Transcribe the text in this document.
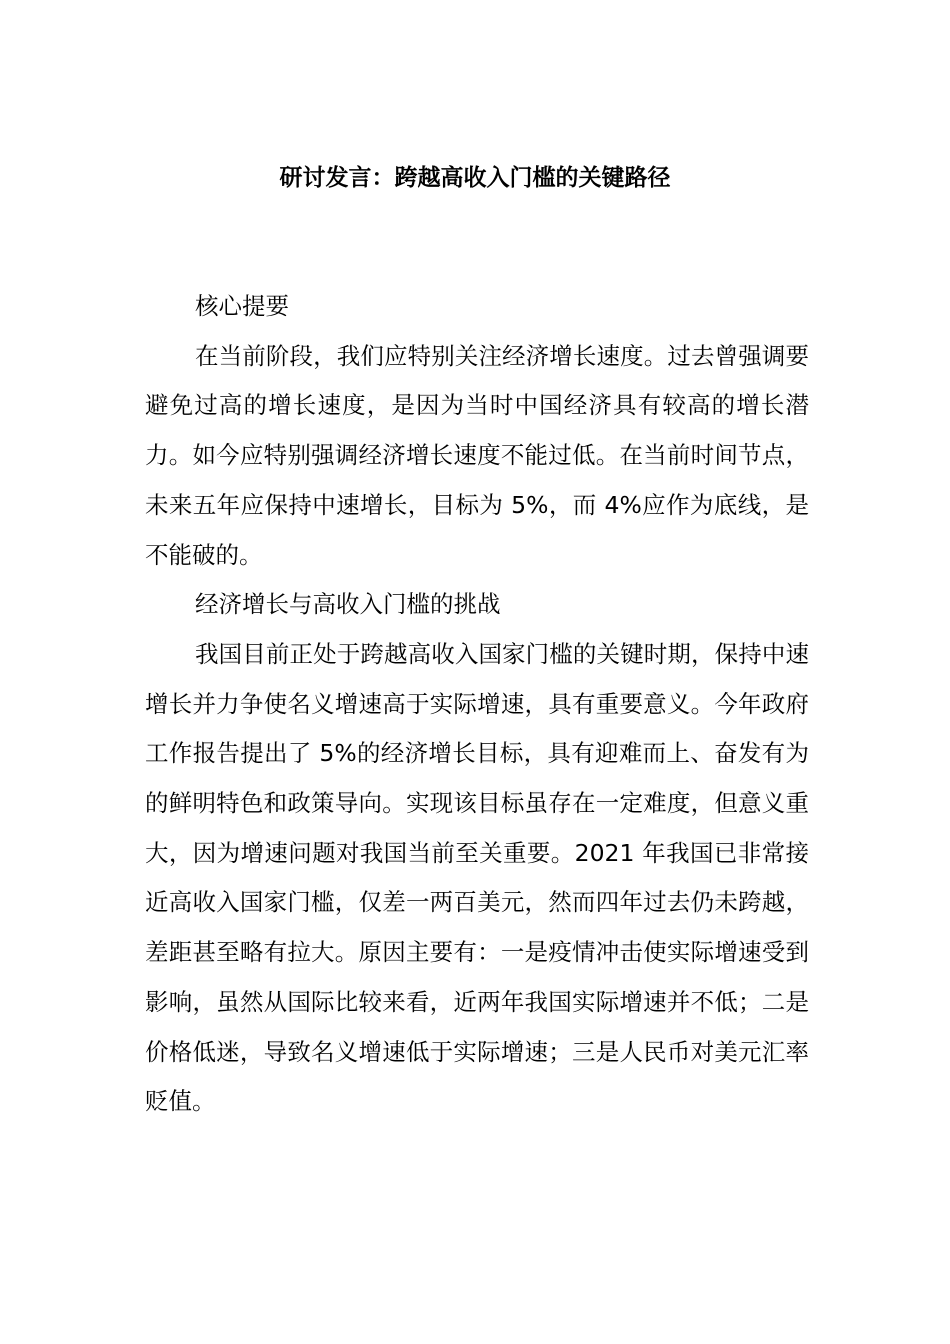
研讨发言：跨越高收入门槛的关键路径

核心提要

在当前阶段，我们应特别关注经济增长速度。过去曾强调要避免过高的增长速度，是因为当时中国经济具有较高的增长潜力。如今应特别强调经济增长速度不能过低。在当前时间节点，未来五年应保持中速增长，目标为 5%，而 4%应作为底线，是不能破的。

经济增长与高收入门槛的挑战

我国目前正处于跨越高收入国家门槛的关键时期，保持中速增长并力争使名义增速高于实际增速，具有重要意义。今年政府工作报告提出了 5%的经济增长目标，具有迎难而上、奋发有为的鲜明特色和政策导向。实现该目标虽存在一定难度，但意义重大，因为增速问题对我国当前至关重要。2021 年我国已非常接近高收入国家门槛，仅差一两百美元，然而四年过去仍未跨越，差距甚至略有拉大。原因主要有：一是疫情冲击使实际增速受到影响，虽然从国际比较来看，近两年我国实际增速并不低；二是价格低迷，导致名义增速低于实际增速；三是人民币对美元汇率贬值。
